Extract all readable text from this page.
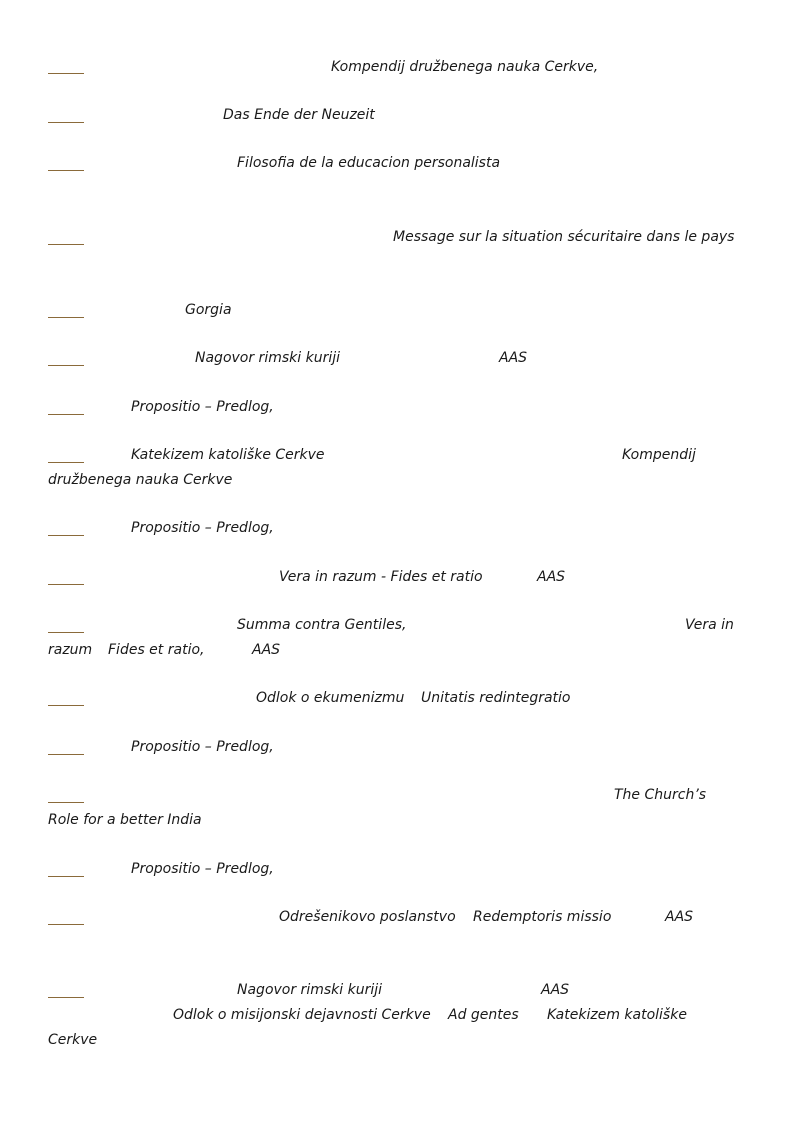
Kompendij družbenega nauka Cerkve,
Das Ende der Neuzeit
Filosofia de la educacion personalista
Message sur la situation sécuritaire dans le pays
Gorgia
Nagovor rimski kuriji	AAS
Propositio – Predlog,
Katekizem katoliške Cerkve	Kompendij
družbenega nauka Cerkve
Propositio – Predlog,
Vera in razum - Fides et ratio	AAS
Summa contra Gentiles,	Vera in
razum Fides et ratio,	AAS
Odlok o ekumenizmu Unitatis redintegratio
Propositio – Predlog,
The Church’s
Role for a better India
Propositio – Predlog,
Odrešenikovo poslanstvo Redemptoris missio	AAS
Nagovor rimski kuriji	AAS
Odlok o misijonski dejavnosti Cerkve Ad gentes Katekizem katoliške
Cerkve
